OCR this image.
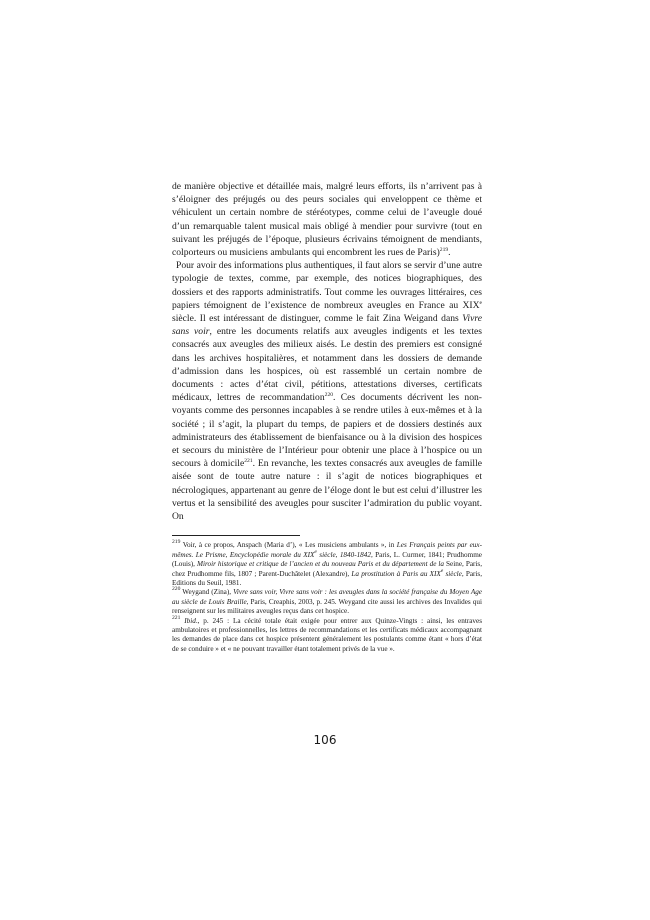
de manière objective et détaillée mais, malgré leurs efforts, ils n’arrivent pas à s’éloigner des préjugés ou des peurs sociales qui enveloppent ce thème et véhiculent un certain nombre de stéréotypes, comme celui de l’aveugle doué d’un remarquable talent musical mais obligé à mendier pour survivre (tout en suivant les préjugés de l’époque, plusieurs écrivains témoignent de mendiants, colporteurs ou musiciens ambulants qui encombrent les rues de Paris)$^{219}$.

Pour avoir des informations plus authentiques, il faut alors se servir d’une autre typologie de textes, comme, par exemple, des notices biographiques, des dossiers et des rapports administratifs. Tout comme les ouvrages littéraires, ces papiers témoignent de l’existence de nombreux aveugles en France au XIXe siècle. Il est intéressant de distinguer, comme le fait Zina Weigand dans Vivre sans voir, entre les documents relatifs aux aveugles indigents et les textes consacrés aux aveugles des milieux aisés. Le destin des premiers est consigné dans les archives hospitalières, et notamment dans les dossiers de demande d’admission dans les hospices, où est rassemblé un certain nombre de documents : actes d’état civil, pétitions, attestations diverses, certificats médicaux, lettres de recommandation$^{220}$. Ces documents décrivent les non-voyants comme des personnes incapables à se rendre utiles à eux-mêmes et à la société ; il s’agit, la plupart du temps, de papiers et de dossiers destinés aux administrateurs des établissement de bienfaisance ou à la division des hospices et secours du ministère de l’Intérieur pour obtenir une place à l’hospice ou un secours à domicile$^{221}$. En revanche, les textes consacrés aux aveugles de famille aisée sont de toute autre nature : il s’agit de notices biographiques et nécrologiques, appartenant au genre de l’éloge dont le but est celui d’illustrer les vertus et la sensibilité des aveugles pour susciter l’admiration du public voyant. On

$^{219}$ Voir, à ce propos, Anspach (Maria d’), « Les musiciens ambulants », in Les Français peints par eux-mêmes. Le Prisme, Encyclopédie morale du XIXe siècle, 1840-1842, Paris, L. Curmer, 1841; Prudhomme (Louis), Miroir historique et critique de l’ancien et du nouveau Paris et du département de la Seine, Paris, chez Prudhomme fils, 1807 ; Parent-Duchâtelet (Alexandre), La prostitution à Paris au XIXe siècle, Paris, Editions du Seuil, 1981.

$^{220}$ Weygand (Zina), Vivre sans voir, Vivre sans voir : les aveugles dans la société française du Moyen Age au siècle de Louis Braille, Paris, Creaphis, 2003, p. 245. Weygand cite aussi les archives des Invalides qui renseignent sur les militaires aveugles reçus dans cet hospice.

$^{221}$ Ibid., p. 245 : La cécité totale était exigée pour entrer aux Quinze-Vingts : ainsi, les entraves ambulatoires et professionnelles, les lettres de recommandations et les certificats médicaux accompagnant les demandes de place dans cet hospice présentent généralement les postulants comme étant « hors d’état de se conduire » et « ne pouvant travailler étant totalement privés de la vue ».

106
